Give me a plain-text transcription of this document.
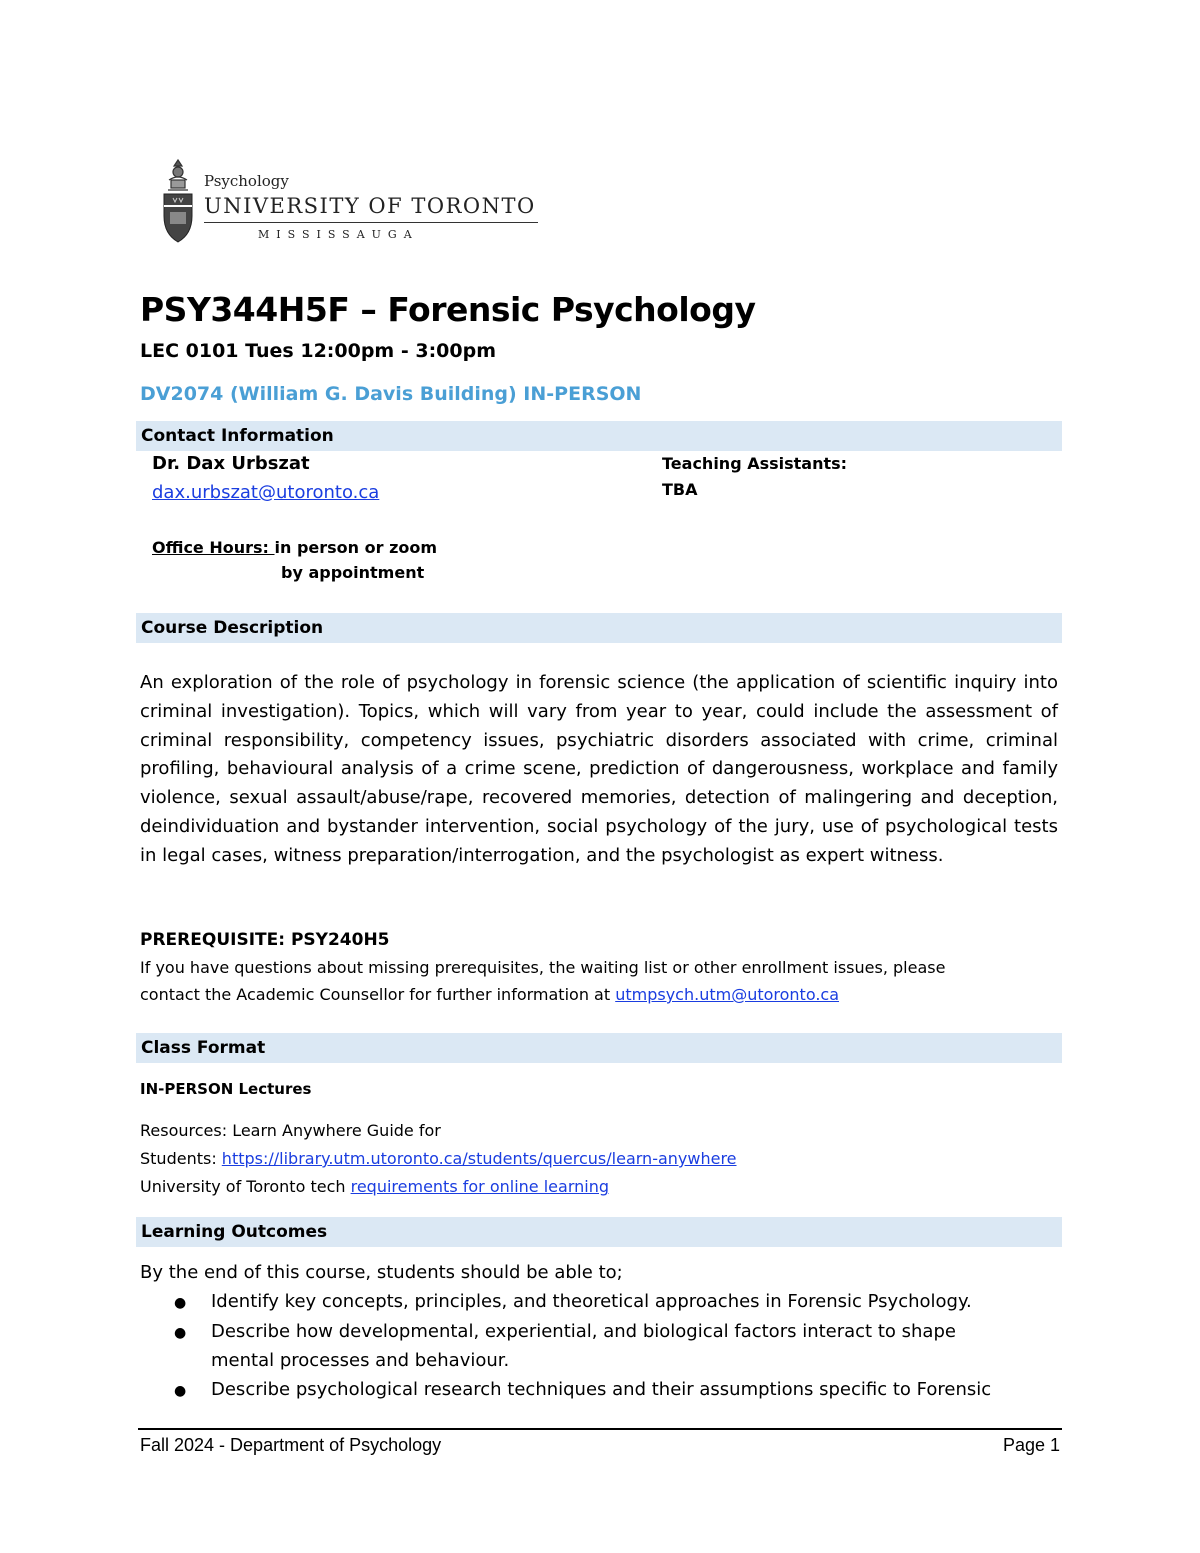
Psychology
UNIVERSITY OF TORONTO
MISSISSAUGA
PSY344H5F – Forensic Psychology
LEC 0101 Tues 12:00pm - 3:00pm
DV2074 (William G. Davis Building) IN-PERSON
Contact Information
Dr. Dax Urbszat
dax.urbszat@utoronto.ca
Office Hours: in person or zoom
by appointment
Teaching Assistants:
TBA
Course Description
An exploration of the role of psychology in forensic science (the application of scientific inquiry into criminal investigation). Topics, which will vary from year to year, could include the assessment of criminal responsibility, competency issues, psychiatric disorders associated with crime, criminal profiling, behavioural analysis of a crime scene, prediction of dangerousness, workplace and family violence, sexual assault/abuse/rape, recovered memories, detection of malingering and deception, deindividuation and bystander intervention, social psychology of the jury, use of psychological tests in legal cases, witness preparation/interrogation, and the psychologist as expert witness.
PREREQUISITE: PSY240H5
If you have questions about missing prerequisites, the waiting list or other enrollment issues, please
contact the Academic Counsellor for further information at utmpsych.utm@utoronto.ca
Class Format
IN-PERSON Lectures
Resources: Learn Anywhere Guide for
Students: https://library.utm.utoronto.ca/students/quercus/learn-anywhere
University of Toronto tech requirements for online learning
Learning Outcomes
By the end of this course, students should be able to;
● Identify key concepts, principles, and theoretical approaches in Forensic Psychology.
● Describe how developmental, experiential, and biological factors interact to shape
mental processes and behaviour.
● Describe psychological research techniques and their assumptions specific to Forensic
Fall 2024 - Department of Psychology	Page 1
